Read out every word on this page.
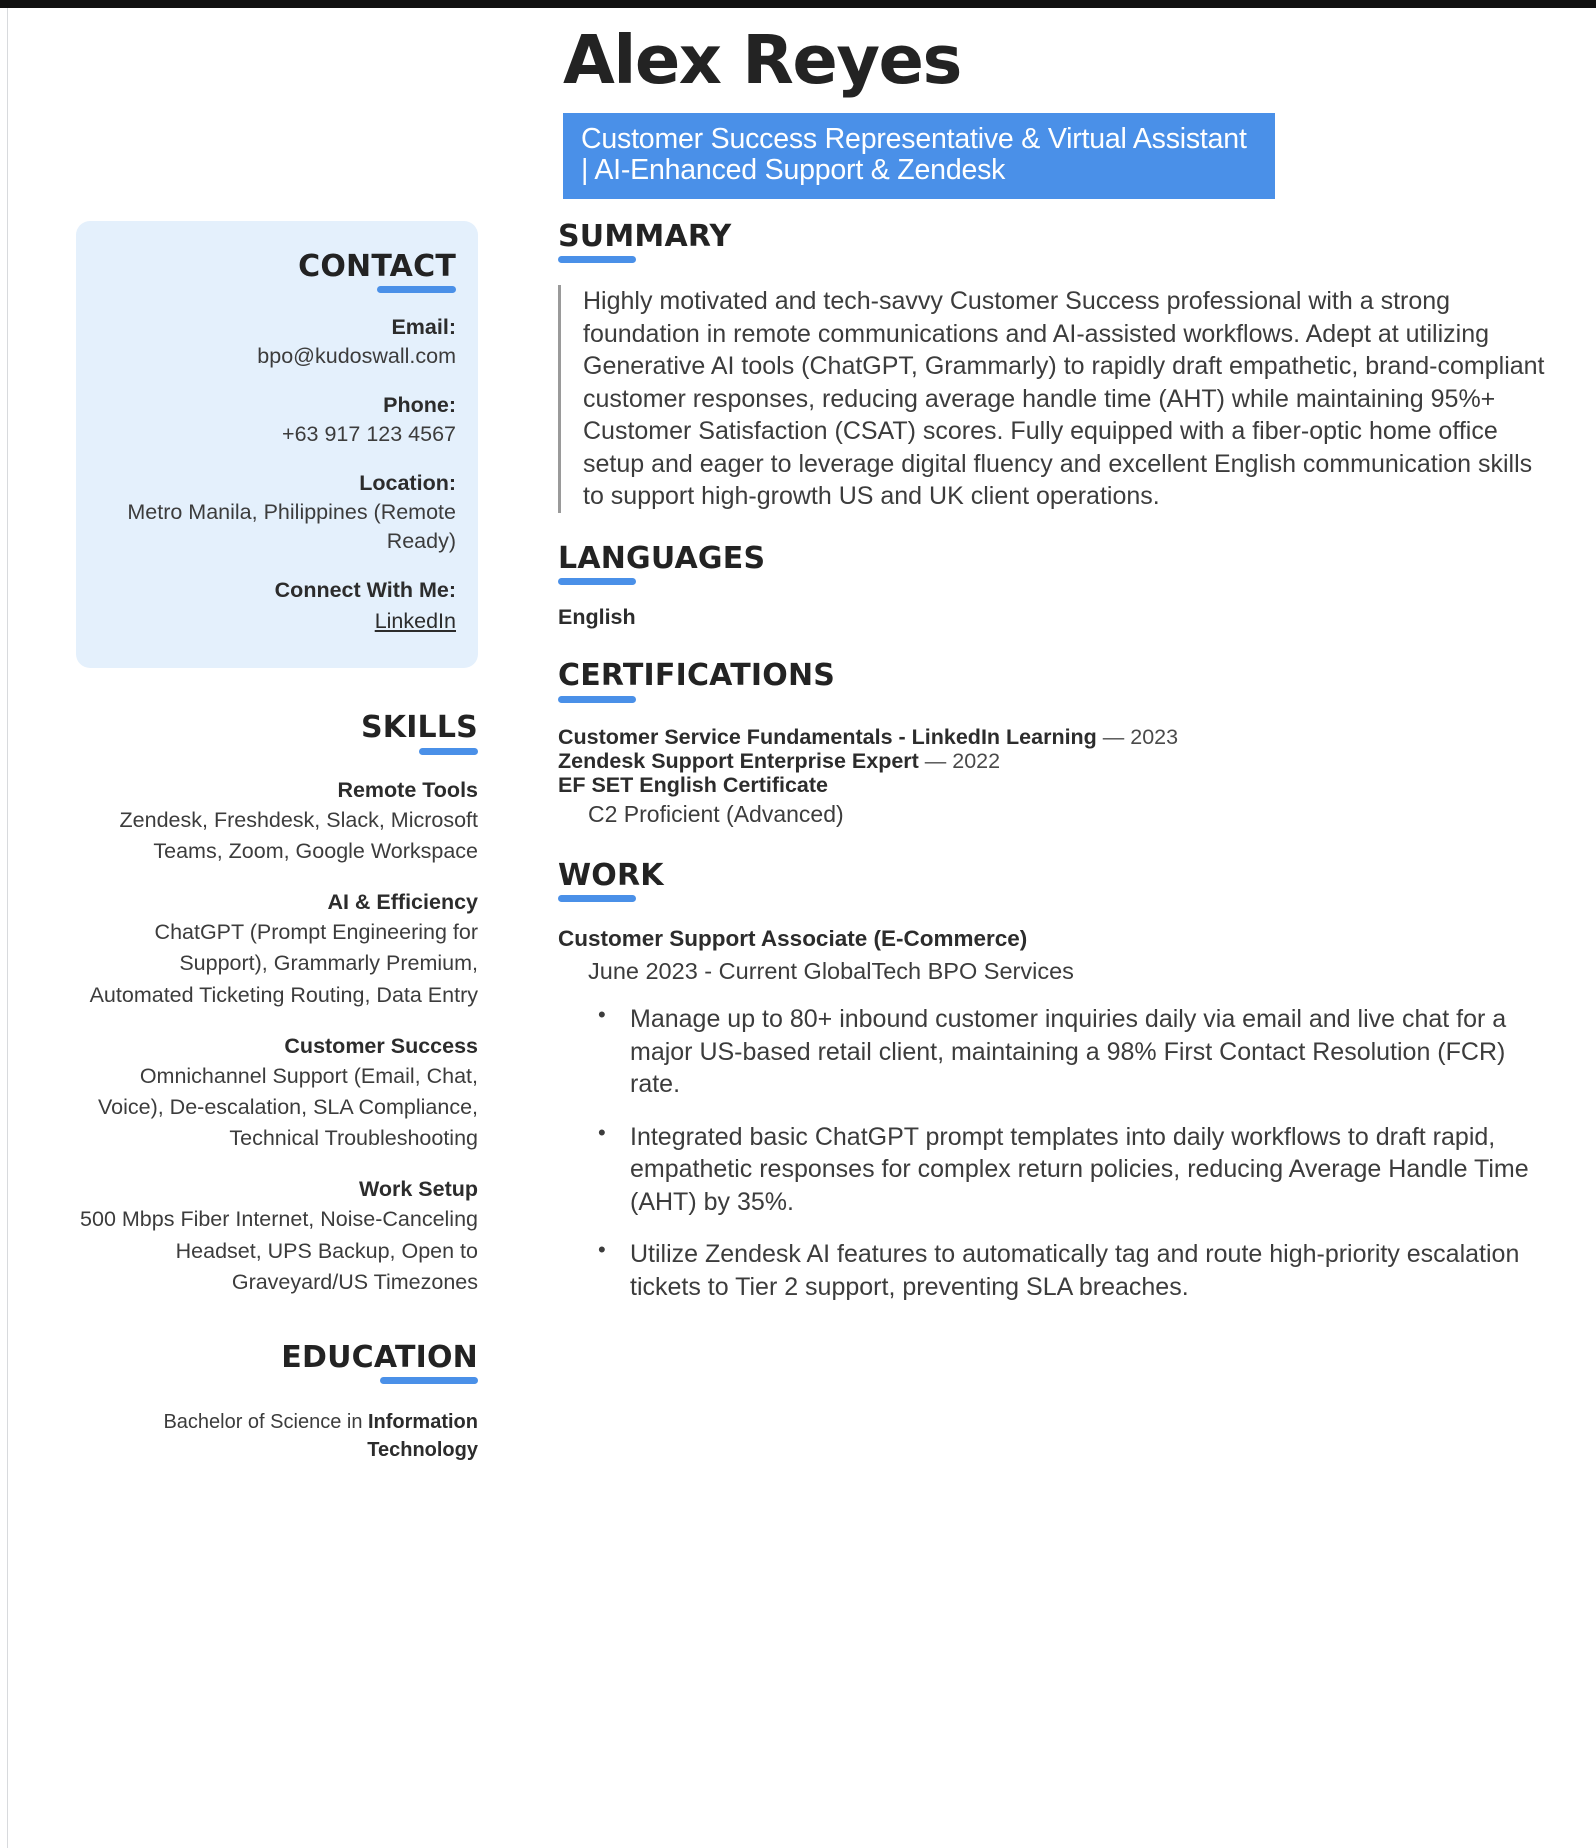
Alex Reyes
Customer Success Representative & Virtual Assistant | AI-Enhanced Support & Zendesk
CONTACT
Email:
bpo@kudoswall.com
Phone:
+63 917 123 4567
Location:
Metro Manila, Philippines (Remote Ready)
Connect With Me:
LinkedIn
SKILLS
Remote Tools
Zendesk, Freshdesk, Slack, Microsoft Teams, Zoom, Google Workspace
AI & Efficiency
ChatGPT (Prompt Engineering for Support), Grammarly Premium, Automated Ticketing Routing, Data Entry
Customer Success
Omnichannel Support (Email, Chat, Voice), De-escalation, SLA Compliance, Technical Troubleshooting
Work Setup
500 Mbps Fiber Internet, Noise-Canceling Headset, UPS Backup, Open to Graveyard/US Timezones
EDUCATION
Bachelor of Science in Information Technology
SUMMARY
Highly motivated and tech-savvy Customer Success professional with a strong foundation in remote communications and AI-assisted workflows. Adept at utilizing Generative AI tools (ChatGPT, Grammarly) to rapidly draft empathetic, brand-compliant customer responses, reducing average handle time (AHT) while maintaining 95%+ Customer Satisfaction (CSAT) scores. Fully equipped with a fiber-optic home office setup and eager to leverage digital fluency and excellent English communication skills to support high-growth US and UK client operations.
LANGUAGES
English
CERTIFICATIONS
Customer Service Fundamentals - LinkedIn Learning — 2023
Zendesk Support Enterprise Expert — 2022
EF SET English Certificate
C2 Proficient (Advanced)
WORK
Customer Support Associate (E-Commerce)
June 2023 - Current GlobalTech BPO Services
• Manage up to 80+ inbound customer inquiries daily via email and live chat for a major US-based retail client, maintaining a 98% First Contact Resolution (FCR) rate.
• Integrated basic ChatGPT prompt templates into daily workflows to draft rapid, empathetic responses for complex return policies, reducing Average Handle Time (AHT) by 35%.
• Utilize Zendesk AI features to automatically tag and route high-priority escalation tickets to Tier 2 support, preventing SLA breaches.
